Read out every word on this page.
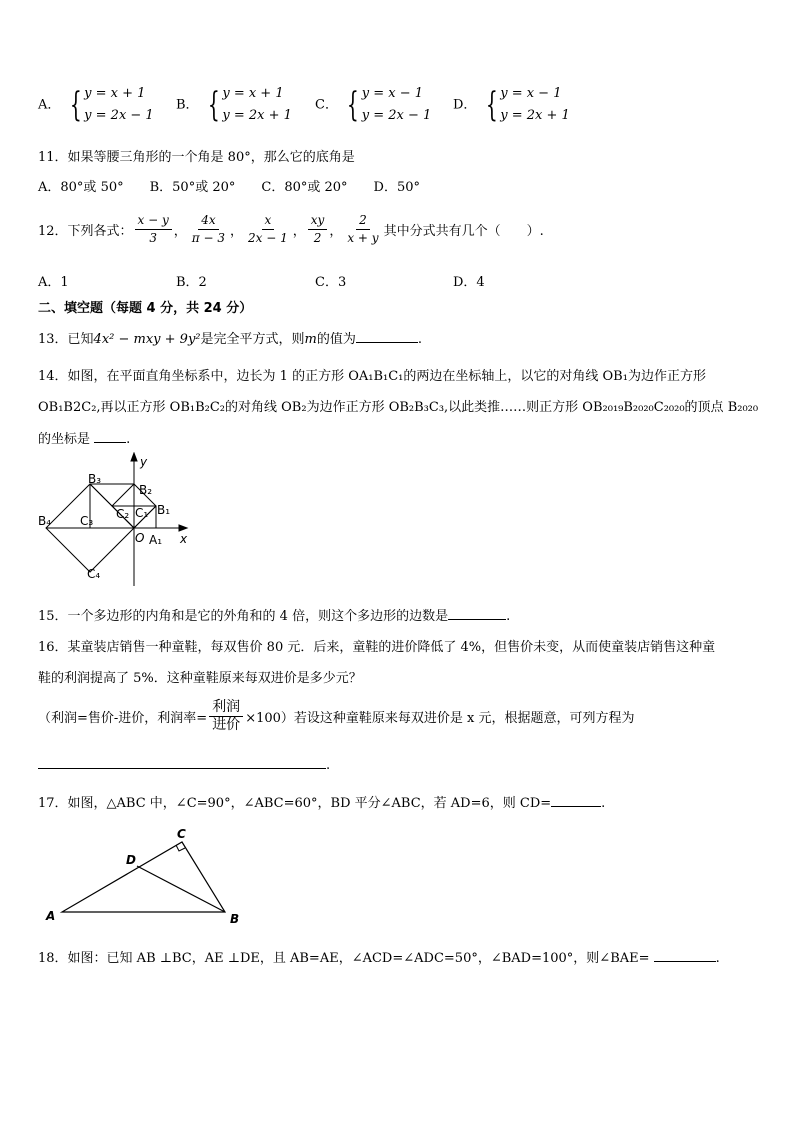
A． { y = x + 1
y = 2x − 1
B． { y = x + 1
y = 2x + 1
C． { y = x − 1
y = 2x − 1
D． { y = x − 1
y = 2x + 1
11．如果等腰三角形的一个角是 80°，那么它的底角是
A．80°或 50°　　B．50°或 20°　　C．80°或 20°　　D．50°
12．下列各式： $\frac{x - y}{3}$ ， $\frac{4x}{\pi - 3}$ ， $\frac{x}{2x - 1}$ ， $\frac{xy}{2}$ ， $\frac{2}{x + y}$ 其中分式共有几个（　　）.
A．1	B．2	C．3	D．4
二、填空题（每题 4 分，共 24 分）
13．已知4x² − mxy + 9y²是完全平方式，则m的值为	.
14．如图，在平面直角坐标系中，边长为 1 的正方形 OA₁B₁C₁的两边在坐标轴上，以它的对角线 OB₁为边作正方形
OB₁B2C₂,再以正方形 OB₁B₂C₂的对角线 OB₂为边作正方形 OB₂B₃C₃,以此类推……则正方形 OB₂₀₁₉B₂₀₂₀C₂₀₂₀的顶点 B₂₀₂₀
的坐标是	.
y
x
O A₁
B₁
C₁
B₂
C₂
B₃
C₃
B₄
C₄
15．一个多边形的内角和是它的外角和的 4 倍，则这个多边形的边数是	.
16．某童装店销售一种童鞋，每双售价 80 元．后来，童鞋的进价降低了 4%，但售价未变，从而使童装店销售这种童
鞋的利润提高了 5%．这种童鞋原来每双进价是多少元？
（利润=售价-进价，利润率= $\frac{\text{利润}}{\text{进价}} \times 100$）若设这种童鞋原来每双进价是 x 元，根据题意，可列方程为
.
17．如图，△ABC 中，∠C=90°，∠ABC=60°，BD 平分∠ABC，若 AD=6，则 CD=	.
A	B
C
D
18．如图：已知 AB ⊥BC，AE ⊥DE，且 AB=AE，∠ACD=∠ADC=50°，∠BAD=100°，则∠BAE=	.
